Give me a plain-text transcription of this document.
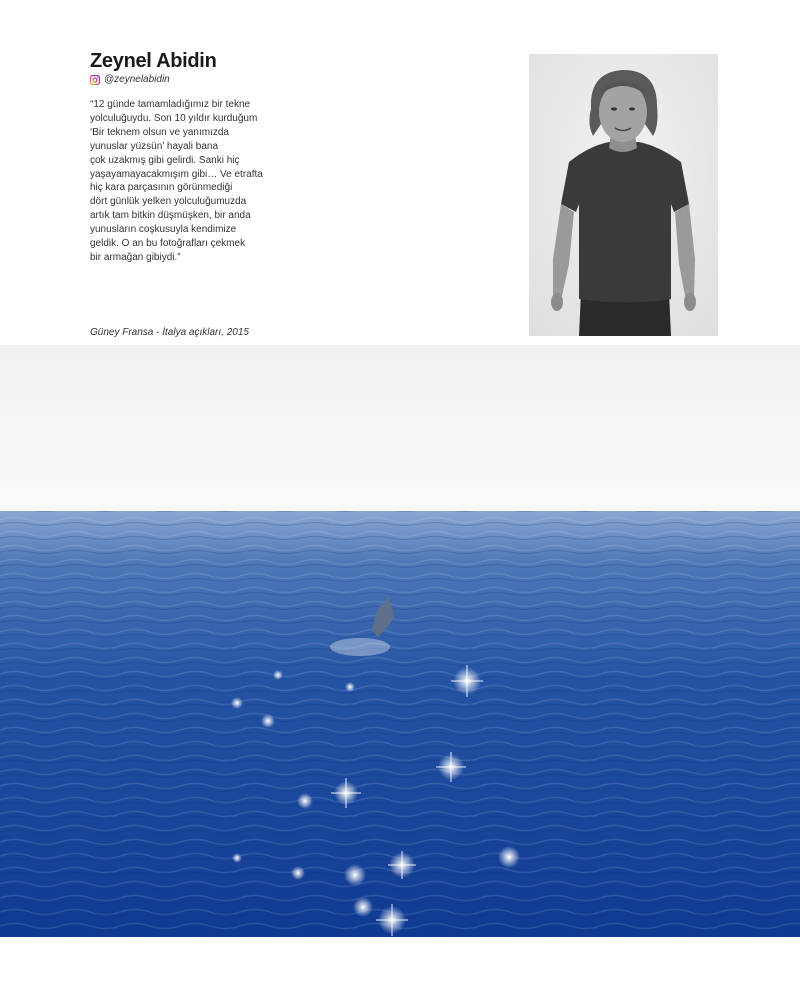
Zeynel Abidin
@zeynelabidin

“12 günde tamamladığımız bir tekne
yolculuğuydu. Son 10 yıldır kurduğum
‘Bir teknem olsun ve yanımızda
yunuslar yüzsün’ hayali bana
çok uzakmış gibi gelirdi. Sanki hiç
yaşayamayacakmışım gibi… Ve etrafta
hiç kara parçasının görünmediği
dört günlük yelken yolculuğumuzda
artık tam bitkin düşmüşken, bir anda
yunusların coşkusuyla kendimize
geldik. O an bu fotoğrafları çekmek
bir armağan gibiydi.”

Güney Fransa - İtalya açıkları, 2015
